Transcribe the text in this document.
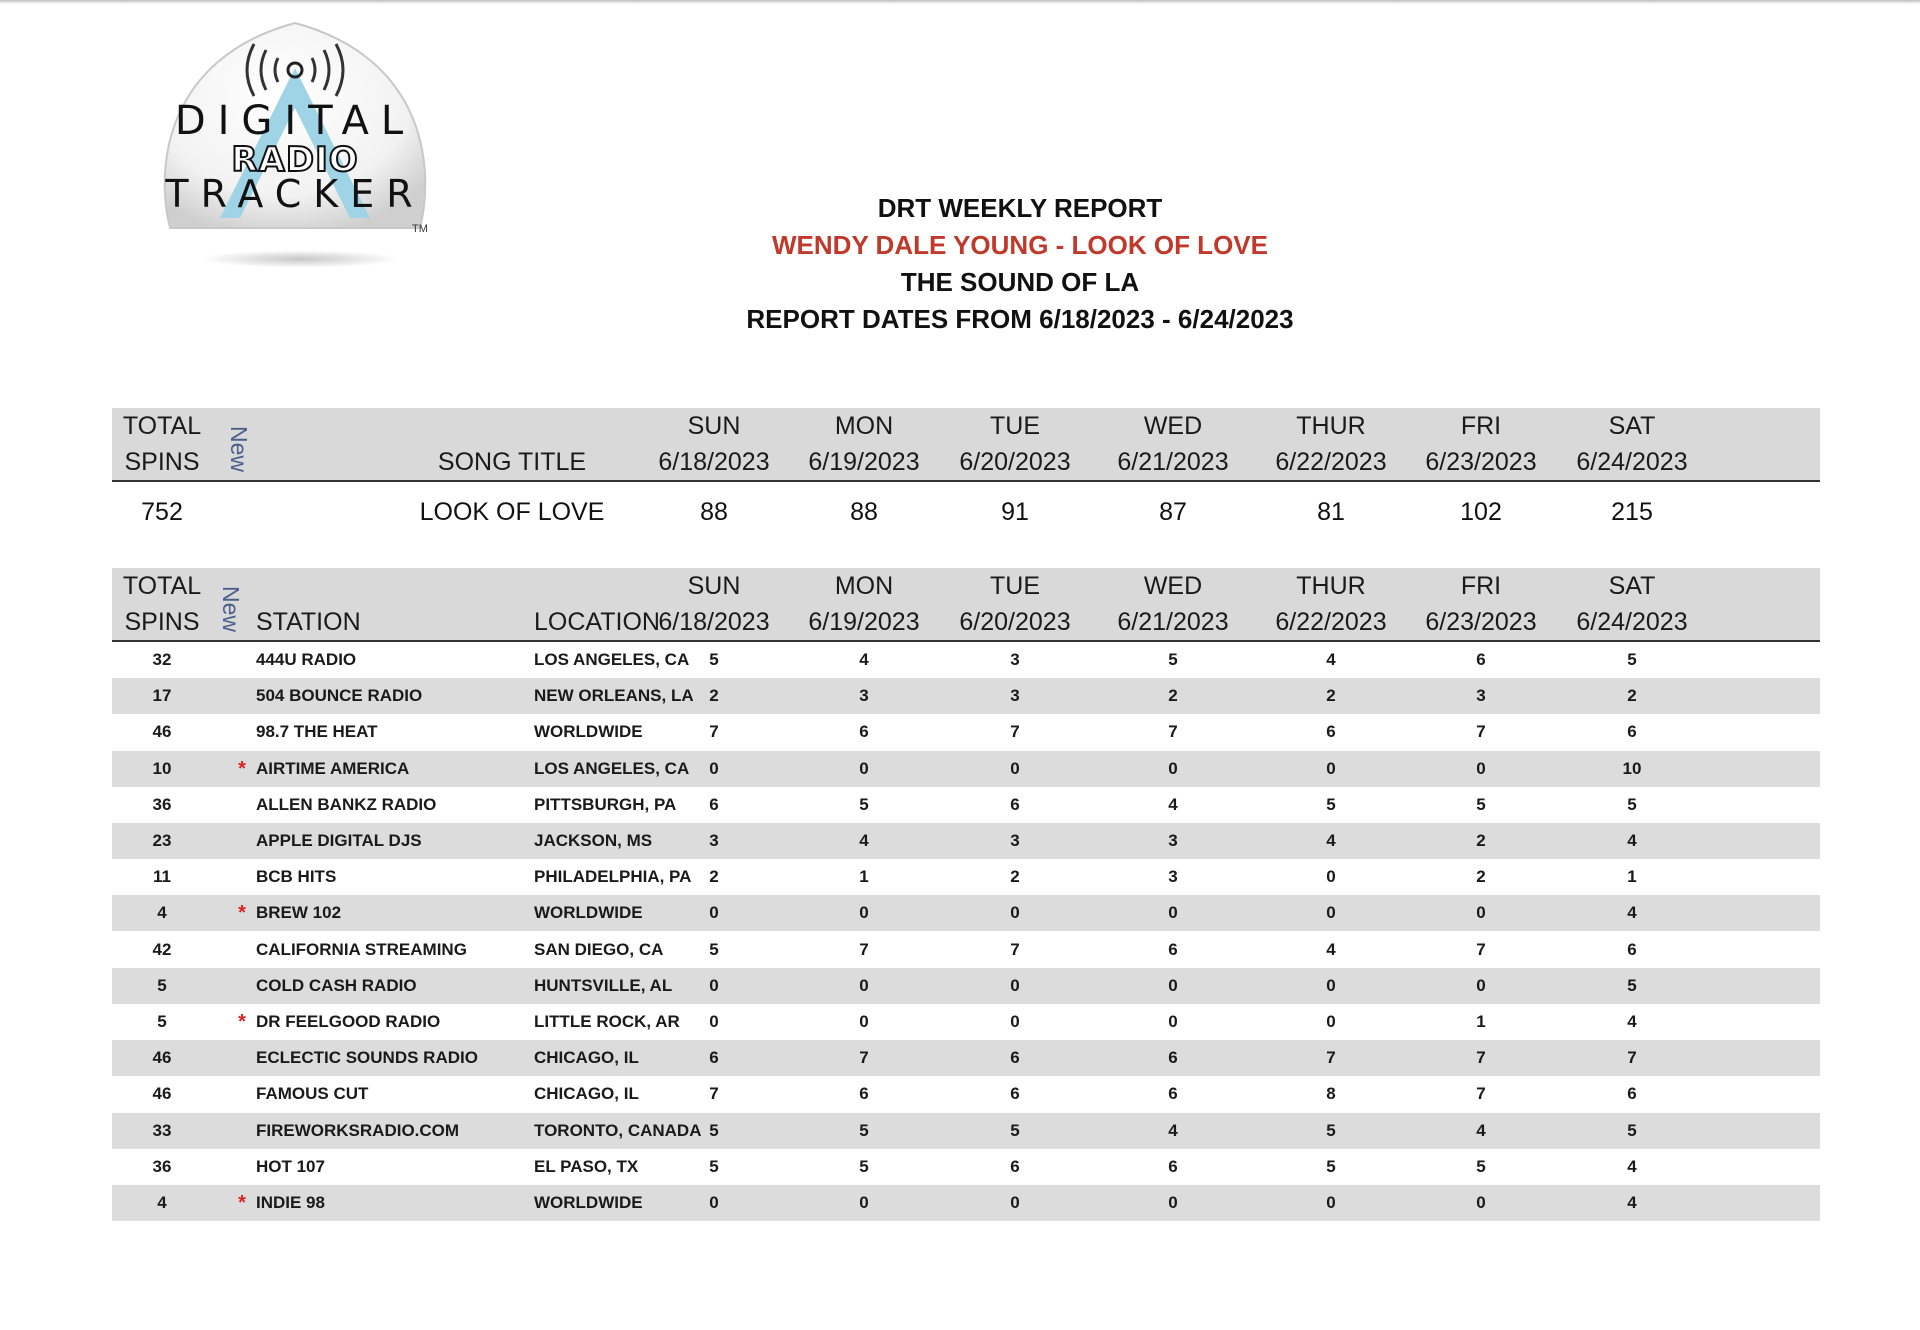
DIGITAL
RADIO
TRACKER
TM
DRT WEEKLY REPORT
WENDY DALE YOUNG - LOOK OF LOVE
THE SOUND OF LA
REPORT DATES FROM 6/18/2023 - 6/24/2023
TOTAL
SPINS	New	SONG TITLE
SUN
6/18/2023
MON
6/19/2023
TUE
6/20/2023
WED
6/21/2023
THUR
6/22/2023
FRI
6/23/2023
SAT
6/24/2023
752	LOOK OF LOVE	88	88	91	87	81	102	215
TOTAL
SPINS New STATION	LOCATION
SUN
6/18/2023
MON
6/19/2023
TUE
6/20/2023
WED
6/21/2023
THUR
6/22/2023
FRI
6/23/2023
SAT
6/24/2023
32	444U RADIO	LOS ANGELES, CA	5	4	3	5	4	6	5
17	504 BOUNCE RADIO	NEW ORLEANS, LA 2	3	3	2	2	3	2
46	98.7 THE HEAT	WORLDWIDE	7	6	7	7	6	7	6
10	* AIRTIME AMERICA	LOS ANGELES, CA	0	0	0	0	0	0	10
36	ALLEN BANKZ RADIO	PITTSBURGH, PA	6	5	6	4	5	5	5
23	APPLE DIGITAL DJS	JACKSON, MS	3	4	3	3	4	2	4
11	BCB HITS	PHILADELPHIA, PA	2	1	2	3	0	2	1
4	* BREW 102	WORLDWIDE	0	0	0	0	0	0	4
42	CALIFORNIA STREAMING	SAN DIEGO, CA	5	7	7	6	4	7	6
5	COLD CASH RADIO	HUNTSVILLE, AL	0	0	0	0	0	0	5
5	* DR FEELGOOD RADIO	LITTLE ROCK, AR	0	0	0	0	0	1	4
46	ECLECTIC SOUNDS RADIO	CHICAGO, IL	6	7	6	6	7	7	7
46	FAMOUS CUT	CHICAGO, IL	7	6	6	6	8	7	6
33	FIREWORKSRADIO.COM	TORONTO, CANADA 5	5	5	4	5	4	5
36	HOT 107	EL PASO, TX	5	5	6	6	5	5	4
4	* INDIE 98	WORLDWIDE	0	0	0	0	0	0	4
